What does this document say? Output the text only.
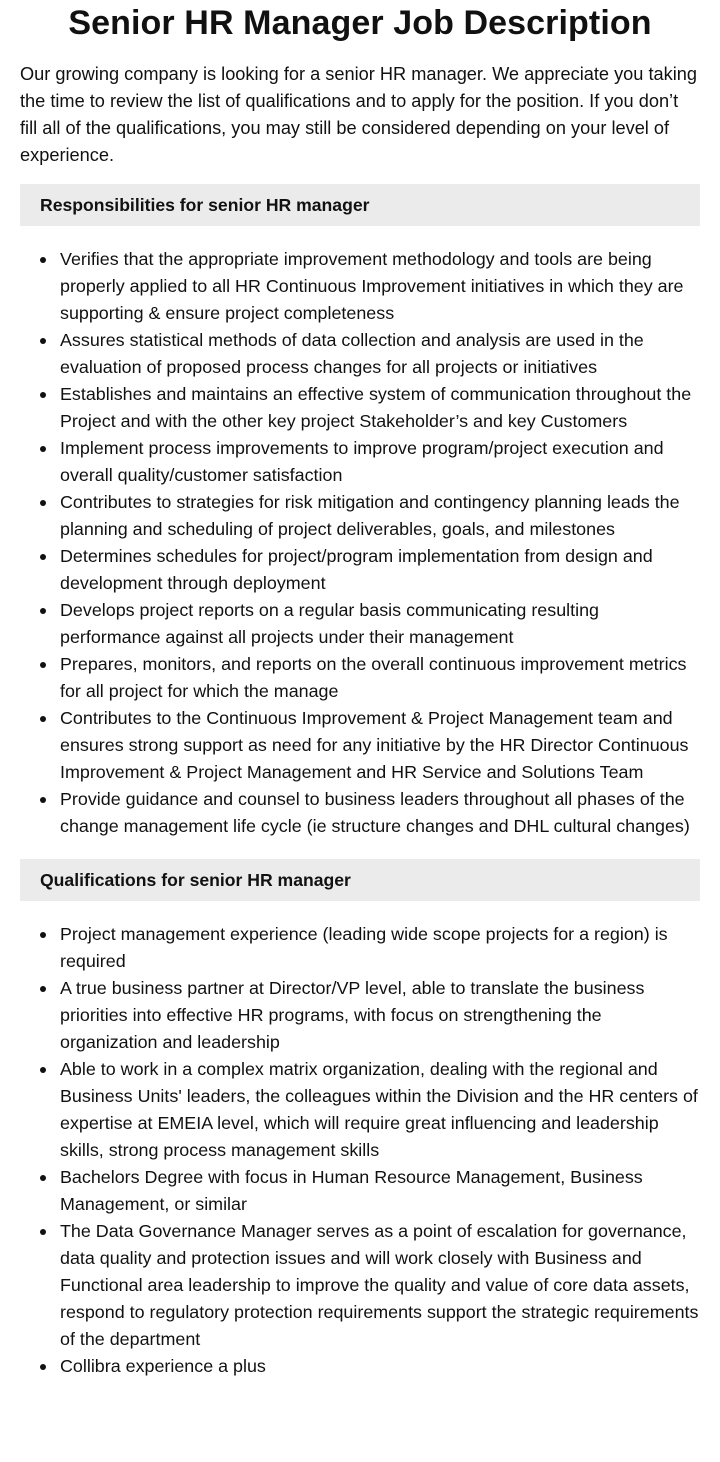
Senior HR Manager Job Description

Our growing company is looking for a senior HR manager. We appreciate you taking the time to review the list of qualifications and to apply for the position. If you don’t fill all of the qualifications, you may still be considered depending on your level of experience.

Responsibilities for senior HR manager
Verifies that the appropriate improvement methodology and tools are being properly applied to all HR Continuous Improvement initiatives in which they are supporting & ensure project completeness
Assures statistical methods of data collection and analysis are used in the evaluation of proposed process changes for all projects or initiatives
Establishes and maintains an effective system of communication throughout the Project and with the other key project Stakeholder’s and key Customers
Implement process improvements to improve program/project execution and overall quality/customer satisfaction
Contributes to strategies for risk mitigation and contingency planning leads the planning and scheduling of project deliverables, goals, and milestones
Determines schedules for project/program implementation from design and development through deployment
Develops project reports on a regular basis communicating resulting performance against all projects under their management
Prepares, monitors, and reports on the overall continuous improvement metrics for all project for which the manage
Contributes to the Continuous Improvement & Project Management team and ensures strong support as need for any initiative by the HR Director Continuous Improvement & Project Management and HR Service and Solutions Team
Provide guidance and counsel to business leaders throughout all phases of the change management life cycle (ie structure changes and DHL cultural changes)
Qualifications for senior HR manager
Project management experience (leading wide scope projects for a region) is required
A true business partner at Director/VP level, able to translate the business priorities into effective HR programs, with focus on strengthening the organization and leadership
Able to work in a complex matrix organization, dealing with the regional and Business Units' leaders, the colleagues within the Division and the HR centers of expertise at EMEIA level, which will require great influencing and leadership skills, strong process management skills
Bachelors Degree with focus in Human Resource Management, Business Management, or similar
The Data Governance Manager serves as a point of escalation for governance, data quality and protection issues and will work closely with Business and Functional area leadership to improve the quality and value of core data assets, respond to regulatory protection requirements support the strategic requirements of the department
Collibra experience a plus
